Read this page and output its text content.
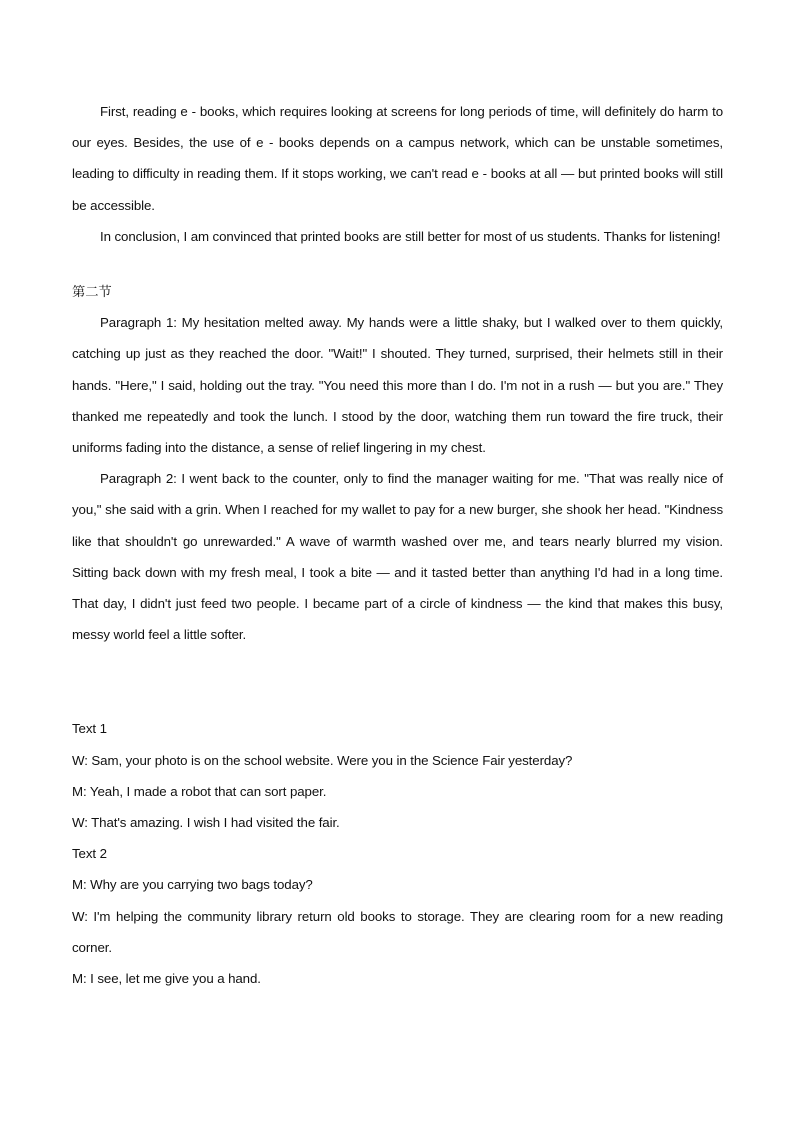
First, reading e - books, which requires looking at screens for long periods of time, will definitely do harm to our eyes. Besides, the use of e - books depends on a campus network, which can be unstable sometimes, leading to difficulty in reading them. If it stops working, we can't read e - books at all — but printed books will still be accessible.

In conclusion, I am convinced that printed books are still better for most of us students. Thanks for listening!

第二节

Paragraph 1: My hesitation melted away. My hands were a little shaky, but I walked over to them quickly, catching up just as they reached the door. "Wait!" I shouted. They turned, surprised, their helmets still in their hands. "Here," I said, holding out the tray. "You need this more than I do. I'm not in a rush — but you are." They thanked me repeatedly and took the lunch. I stood by the door, watching them run toward the fire truck, their uniforms fading into the distance, a sense of relief lingering in my chest.

Paragraph 2: I went back to the counter, only to find the manager waiting for me. "That was really nice of you," she said with a grin. When I reached for my wallet to pay for a new burger, she shook her head. "Kindness like that shouldn't go unrewarded." A wave of warmth washed over me, and tears nearly blurred my vision. Sitting back down with my fresh meal, I took a bite — and it tasted better than anything I'd had in a long time. That day, I didn't just feed two people. I became part of a circle of kindness — the kind that makes this busy, messy world feel a little softer.

Text 1

W: Sam, your photo is on the school website. Were you in the Science Fair yesterday?

M: Yeah, I made a robot that can sort paper.

W: That's amazing. I wish I had visited the fair.

Text 2

M: Why are you carrying two bags today?

W: I'm helping the community library return old books to storage. They are clearing room for a new reading corner.

M: I see, let me give you a hand.
